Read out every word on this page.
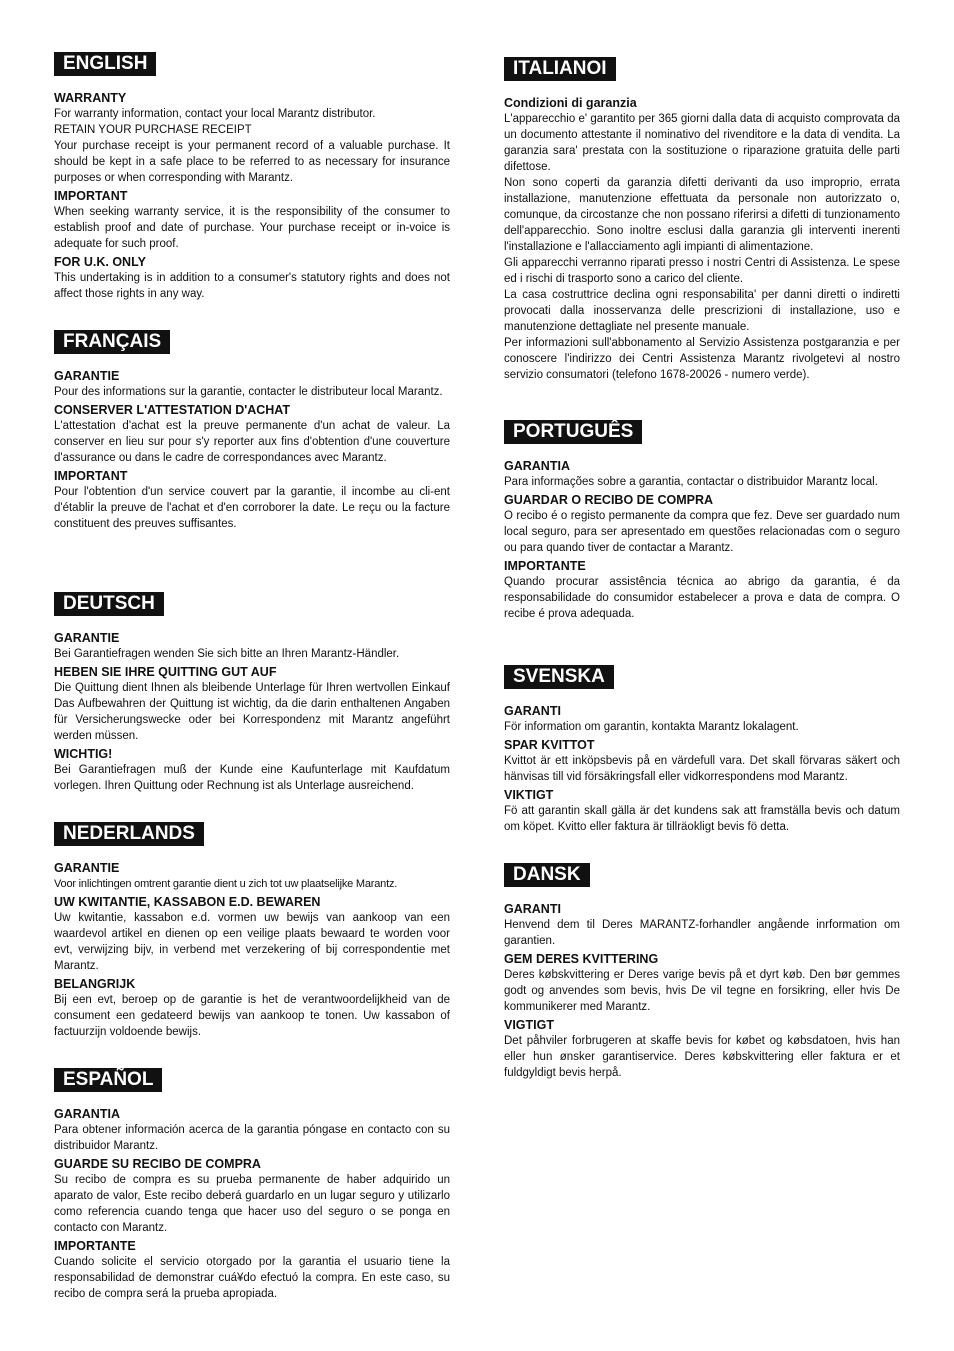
ENGLISH
WARRANTY
For warranty information, contact your local Marantz distributor.
RETAIN YOUR PURCHASE RECEIPT
Your purchase receipt is your permanent record of a valuable purchase. It should be kept in a safe place to be referred to as necessary for insurance purposes or when corresponding with Marantz.
IMPORTANT
When seeking warranty service, it is the responsibility of the consumer to establish proof and date of purchase. Your purchase receipt or in-voice is adequate for such proof.
FOR U.K. ONLY
This undertaking is in addition to a consumer's statutory rights and does not affect those rights in any way.
FRANÇAIS
GARANTIE
Pour des informations sur la garantie, contacter le distributeur local Marantz.
CONSERVER L'ATTESTATION D'ACHAT
L'attestation d'achat est la preuve permanente d'un achat de valeur. La conserver en lieu sur pour s'y reporter aux fins d'obtention d'une couverture d'assurance ou dans le cadre de correspondances avec Marantz.
IMPORTANT
Pour l'obtention d'un service couvert par la garantie, il incombe au cli-ent d'établir la preuve de l'achat et d'en corroborer la date. Le reçu ou la facture constituent des preuves suffisantes.
DEUTSCH
GARANTIE
Bei Garantiefragen wenden Sie sich bitte an Ihren Marantz-Händler.
HEBEN SIE IHRE QUITTING GUT AUF
Die Quittung dient Ihnen als bleibende Unterlage für Ihren wertvollen Einkauf Das Aufbewahren der Quittung ist wichtig, da die darin enthaltenen Angaben für Versicherungswecke oder bei Korrespondenz mit Marantz angeführt werden müssen.
WICHTIG!
Bei Garantiefragen muß der Kunde eine Kaufunterlage mit Kaufdatum vorlegen. Ihren Quittung oder Rechnung ist als Unterlage ausreichend.
NEDERLANDS
GARANTIE
Voor inlichtingen omtrent garantie dient u zich tot uw plaatselijke Marantz.
UW KWITANTIE, KASSABON E.D. BEWAREN
Uw kwitantie, kassabon e.d. vormen uw bewijs van aankoop van een waardevol artikel en dienen op een veilige plaats bewaard te worden voor evt, verwijzing bijv, in verbend met verzekering of bij correspondentie met Marantz.
BELANGRIJK
Bij een evt, beroep op de garantie is het de verantwoordelijkheid van de consument een gedateerd bewijs van aankoop te tonen. Uw kassabon of factuurzijn voldoende bewijs.
ESPAÑOL
GARANTIA
Para obtener información acerca de la garantia póngase en contacto con su distribuidor Marantz.
GUARDE SU RECIBO DE COMPRA
Su recibo de compra es su prueba permanente de haber adquirido un aparato de valor, Este recibo deberá guardarlo en un lugar seguro y utilizarlo como referencia cuando tenga que hacer uso del seguro o se ponga en contacto con Marantz.
IMPORTANTE
Cuando solicite el servicio otorgado por la garantia el usuario tiene la responsabilidad de demonstrar cuá¥do efectuó la compra. En este caso, su recibo de compra será la prueba apropiada.
ITALIANOI
Condizioni di garanzia
L'apparecchio e' garantito per 365 giorni dalla data di acquisto comprovata da un documento attestante il nominativo del rivenditore e la data di vendita. La garanzia sara' prestata con la sostituzione o riparazione gratuita delle parti difettose.
Non sono coperti da garanzia difetti derivanti da uso improprio, errata installazione, manutenzione effettuata da personale non autorizzato o, comunque, da circostanze che non possano riferirsi a difetti di tunzionamento dell'apparecchio. Sono inoltre esclusi dalla garanzia gli interventi inerenti l'installazione e l'allacciamento agli impianti di alimentazione.
Gli apparecchi verranno riparati presso i nostri Centri di Assistenza. Le spese ed i rischi di trasporto sono a carico del cliente.
La casa costruttrice declina ogni responsabilita' per danni diretti o indiretti provocati dalla inosservanza delle prescrizioni di installazione, uso e manutenzione dettagliate nel presente manuale.
Per informazioni sull'abbonamento al Servizio Assistenza postgaranzia e per conoscere l'indirizzo dei Centri Assistenza Marantz rivolgetevi al nostro servizio consumatori (telefono 1678-20026 - numero verde).
PORTUGUÊS
GARANTIA
Para informações sobre a garantia, contactar o distribuidor Marantz local.
GUARDAR O RECIBO DE COMPRA
O recibo é o registo permanente da compra que fez. Deve ser guardado num local seguro, para ser apresentado em questões relacionadas com o seguro ou para quando tiver de contactar a Marantz.
IMPORTANTE
Quando procurar assistência técnica ao abrigo da garantia, é da responsabilidade do consumidor estabelecer a prova e data de compra. O recibe é prova adequada.
SVENSKA
GARANTI
För information om garantin, kontakta Marantz lokalagent.
SPAR KVITTOT
Kvittot är ett inköpsbevis på en värdefull vara. Det skall förvaras säkert och hänvisas till vid försäkringsfall eller vidkorrespondens mod Marantz.
VIKTIGT
Fö att garantin skall gälla är det kundens sak att framställa bevis och datum om köpet. Kvitto eller faktura är tillräokligt bevis fö detta.
DANSK
GARANTI
Henvend dem til Deres MARANTZ-forhandler angående inrformation om garantien.
GEM DERES KVITTERING
Deres købskvittering er Deres varige bevis på et dyrt køb. Den bør gemmes godt og anvendes som bevis, hvis De vil tegne en forsikring, eller hvis De kommunikerer med Marantz.
VIGTIGT
Det påhviler forbrugeren at skaffe bevis for købet og købsdatoen, hvis han eller hun ønsker garantiservice. Deres købskvittering eller faktura er et fuldgyldigt bevis herpå.
